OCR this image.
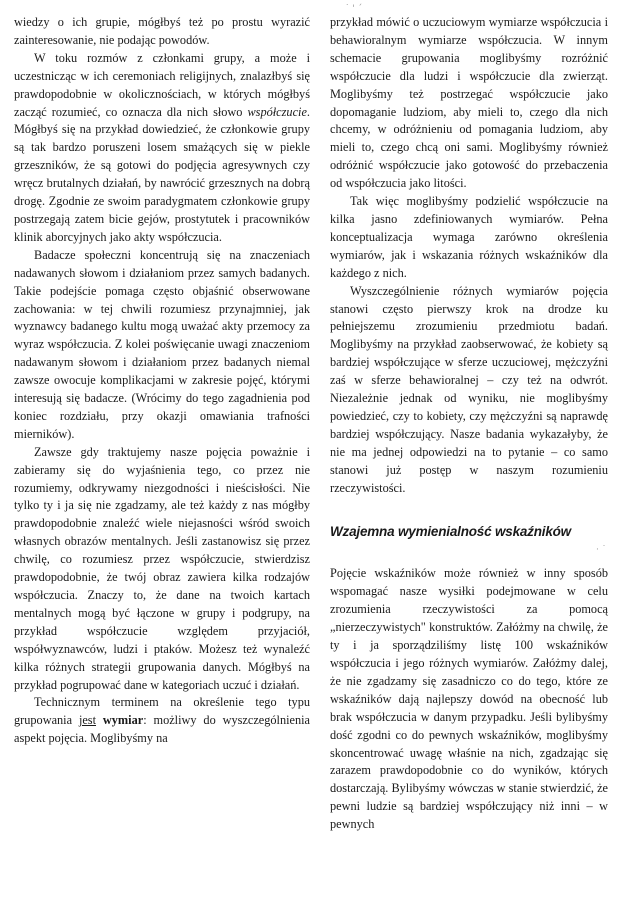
wiedzy o ich grupie, mógłbyś też po prostu wyrazić zainteresowanie, nie podając powodów.

W toku rozmów z członkami grupy, a może i uczestnicząc w ich ceremoniach religijnych, znalazłbyś się prawdopodobnie w okolicznościach, w których mógłbyś zacząć rozumieć, co oznacza dla nich słowo współczucie. Mógłbyś się na przykład dowiedzieć, że członkowie grupy są tak bardzo poruszeni losem smażących się w piekle grzeszników, że są gotowi do podjęcia agresywnych czy wręcz brutalnych działań, by nawrócić grzesznych na dobrą drogę. Zgodnie ze swoim paradygmatem członkowie grupy postrzegają zatem bicie gejów, prostytutek i pracowników klinik aborcyjnych jako akty współczucia.

Badacze społeczni koncentrują się na znaczeniach nadawanych słowom i działaniom przez samych badanych. Takie podejście pomaga często objaśnić obserwowane zachowania: w tej chwili rozumiesz przynajmniej, jak wyznawcy badanego kultu mogą uważać akty przemocy za wyraz współczucia. Z kolei poświęcanie uwagi znaczeniom nadawanym słowom i działaniom przez badanych niemal zawsze owocuje komplikacjami w zakresie pojęć, którymi interesują się badacze. (Wrócimy do tego zagadnienia pod koniec rozdziału, przy okazji omawiania trafności mierników).

Zawsze gdy traktujemy nasze pojęcia poważnie i zabieramy się do wyjaśnienia tego, co przez nie rozumiemy, odkrywamy niezgodności i nieścisłości. Nie tylko ty i ja się nie zgadzamy, ale też każdy z nas mógłby prawdopodobnie znaleźć wiele niejasności wśród swoich własnych obrazów mentalnych. Jeśli zastanowisz się przez chwilę, co rozumiesz przez współczucie, stwierdzisz prawdopodobnie, że twój obraz zawiera kilka rodzajów współczucia. Znaczy to, że dane na twoich kartach mentalnych mogą być łączone w grupy i podgrupy, na przykład współczucie względem przyjaciół, współwyznawców, ludzi i ptaków. Możesz też wynaleźć kilka różnych strategii grupowania danych. Mógłbyś na przykład pogrupować dane w kategoriach uczuć i działań.

Technicznym terminem na określenie tego typu grupowania jest wymiar: możliwy do wyszczególnienia aspekt pojęcia. Moglibyśmy na

przykład mówić o uczuciowym wymiarze współczucia i behawioralnym wymiarze współczucia. W innym schemacie grupowania moglibyśmy rozróżnić współczucie dla ludzi i współczucie dla zwierząt. Moglibyśmy też postrzegać współczucie jako dopomaganie ludziom, aby mieli to, czego dla nich chcemy, w odróżnieniu od pomagania ludziom, aby mieli to, czego chcą oni sami. Moglibyśmy również odróżnić współczucie jako gotowość do przebaczenia od współczucia jako litości.

Tak więc moglibyśmy podzielić współczucie na kilka jasno zdefiniowanych wymiarów. Pełna konceptualizacja wymaga zarówno określenia wymiarów, jak i wskazania różnych wskaźników dla każdego z nich.

Wyszczególnienie różnych wymiarów pojęcia stanowi często pierwszy krok na drodze ku pełniejszemu zrozumieniu przedmiotu badań. Moglibyśmy na przykład zaobserwować, że kobiety są bardziej współczujące w sferze uczuciowej, mężczyźni zaś w sferze behawioralnej – czy też na odwrót. Niezależnie jednak od wyniku, nie moglibyśmy powiedzieć, czy to kobiety, czy mężczyźni są naprawdę bardziej współczujący. Nasze badania wykazałyby, że nie ma jednej odpowiedzi na to pytanie – co samo stanowi już postęp w naszym rozumieniu rzeczywistości.

Wzajemna wymienialność wskaźników

Pojęcie wskaźników może również w inny sposób wspomagać nasze wysiłki podejmowane w celu zrozumienia rzeczywistości za pomocą „nierzeczywistych" konstruktów. Załóżmy na chwilę, że ty i ja sporządziliśmy listę 100 wskaźników współczucia i jego różnych wymiarów. Załóżmy dalej, że nie zgadzamy się zasadniczo co do tego, które ze wskaźników dają najlepszy dowód na obecność lub brak współczucia w danym przypadku. Jeśli bylibyśmy dość zgodni co do pewnych wskaźników, moglibyśmy skoncentrować uwagę właśnie na nich, zgadzając się zarazem prawdopodobnie co do wyników, których dostarczają. Bylibyśmy wówczas w stanie stwierdzić, że pewni ludzie są bardziej współczujący niż inni – w pewnych

˙ ' ´
· ˙
